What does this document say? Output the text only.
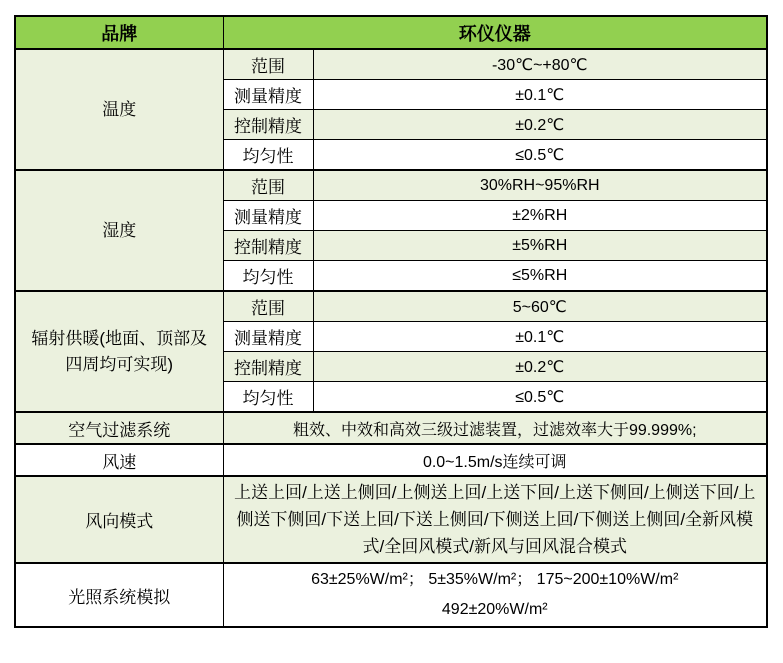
品牌	环仪仪器	
温度	范围	-30℃~+80℃
	测量精度	±0.1℃
	控制精度	±0.2℃
	均匀性	≤0.5℃
湿度	范围	30%RH~95%RH
	测量精度	±2%RH
	控制精度	±5%RH
	均匀性	≤5%RH
辐射供暖(地面、顶部及四周均可实现)	范围	5~60℃
	测量精度	±0.1℃
	控制精度	±0.2℃
	均匀性	≤0.5℃
空气过滤系统	粗效、中效和高效三级过滤装置，过滤效率大于99.999%;	
风速	0.0~1.5m/s连续可调	
风向模式	上送上回/上送上侧回/上侧送上回/上送下回/上送下侧回/上侧送下回/上侧送下侧回/下送上回/下送上侧回/下侧送上回/下侧送上侧回/全新风模式/全回风模式/新风与回风混合模式	
光照系统模拟	63±25%W/m²； 5±35%W/m²； 175~200±10%W/m²
492±20%W/m²	
